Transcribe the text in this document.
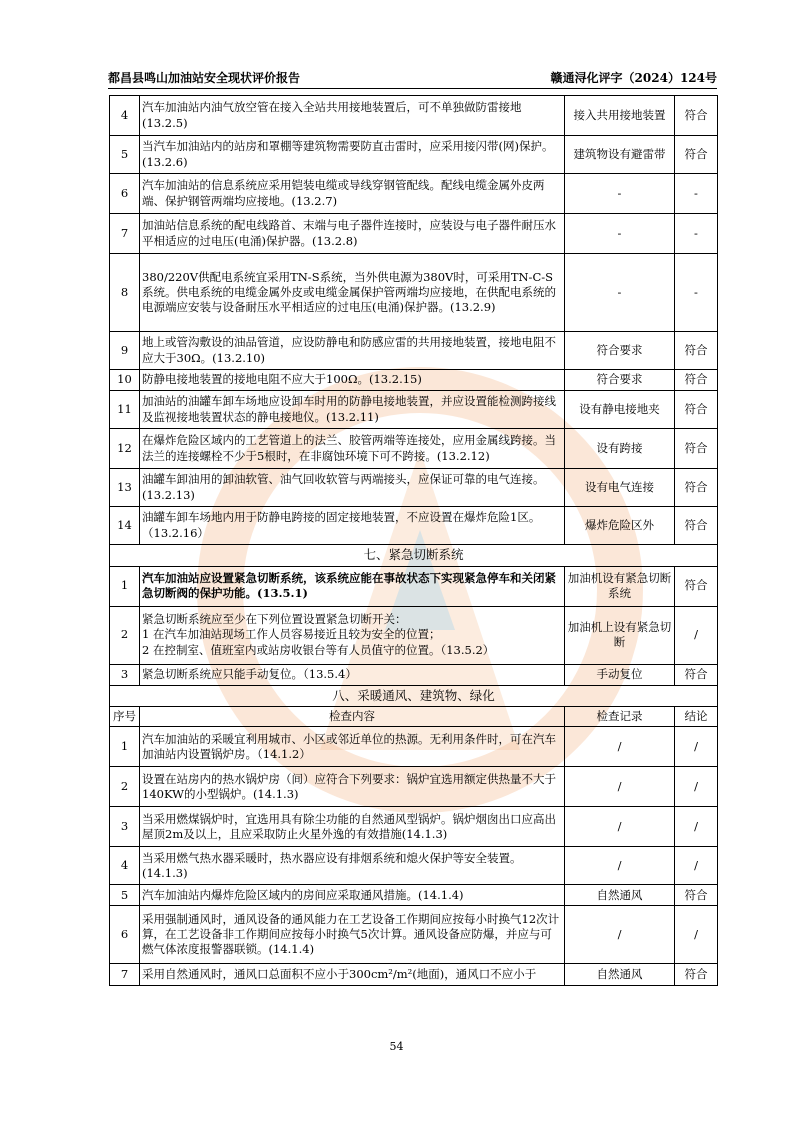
都昌县鸣山加油站安全现状评价报告	赣通浔化评字（2024）124号
4	汽车加油站内油气放空管在接入全站共用接地装置后，可不单独做防雷接地(13.2.5)	接入共用接地装置	符合
5	当汽车加油站内的站房和罩棚等建筑物需要防直击雷时，应采用接闪带(网)保护。(13.2.6)	建筑物设有避雷带	符合
6	汽车加油站的信息系统应采用铠装电缆或导线穿钢管配线。配线电缆金属外皮两端、保护钢管两端均应接地。(13.2.7)	-	-
7	加油站信息系统的配电线路首、末端与电子器件连接时，应装设与电子器件耐压水平相适应的过电压(电涌)保护器。(13.2.8)	-	-
8	380/220V供配电系统宜采用TN-S系统，当外供电源为380V时，可采用TN-C-S系统。供电系统的电缆金属外皮或电缆金属保护管两端均应接地，在供配电系统的电源端应安装与设备耐压水平相适应的过电压(电涌)保护器。(13.2.9)	-	-
9	地上或管沟敷设的油品管道，应设防静电和防感应雷的共用接地装置，接地电阻不应大于30Ω。(13.2.10)	符合要求	符合
10	防静电接地装置的接地电阻不应大于100Ω。(13.2.15)	符合要求	符合
11	加油站的油罐车卸车场地应设卸车时用的防静电接地装置，并应设置能检测跨接线及监视接地装置状态的静电接地仪。(13.2.11)	设有静电接地夹	符合
12	在爆炸危险区域内的工艺管道上的法兰、胶管两端等连接处，应用金属线跨接。当法兰的连接螺栓不少于5根时，在非腐蚀环境下可不跨接。(13.2.12)	设有跨接	符合
13	油罐车卸油用的卸油软管、油气回收软管与两端接头，应保证可靠的电气连接。(13.2.13)	设有电气连接	符合
14	油罐车卸车场地内用于防静电跨接的固定接地装置，不应设置在爆炸危险1区。（13.2.16）	爆炸危险区外	符合
七、紧急切断系统			
1	汽车加油站应设置紧急切断系统，该系统应能在事故状态下实现紧急停车和关闭紧急切断阀的保护功能。(13.5.1)	加油机设有紧急切断系统	符合
2	紧急切断系统应至少在下列位置设置紧急切断开关：
1 在汽车加油站现场工作人员容易接近且较为安全的位置；
2 在控制室、值班室内或站房收银台等有人员值守的位置。（13.5.2）	加油机上设有紧急切断	/
3	紧急切断系统应只能手动复位。（13.5.4）	手动复位	符合
八、采暖通风、建筑物、绿化			
序号	检查内容	检查记录	结论
1	汽车加油站的采暖宜利用城市、小区或邻近单位的热源。无利用条件时，可在汽车加油站内设置锅炉房。（14.1.2）	/	/
2	设置在站房内的热水锅炉房（间）应符合下列要求：锅炉宜选用额定供热量不大于140KW的小型锅炉。(14.1.3)	/	/
3	当采用燃煤锅炉时，宜选用具有除尘功能的自然通风型锅炉。锅炉烟囱出口应高出屋顶2m及以上，且应采取防止火星外逸的有效措施(14.1.3)	/	/
4	当采用燃气热水器采暖时，热水器应设有排烟系统和熄火保护等安全装置。(14.1.3)	/	/
5	汽车加油站内爆炸危险区域内的房间应采取通风措施。(14.1.4)	自然通风	符合
6	采用强制通风时，通风设备的通风能力在工艺设备工作期间应按每小时换气12次计算，在工艺设备非工作期间应按每小时换气5次计算。通风设备应防爆，并应与可燃气体浓度报警器联锁。(14.1.4)	/	/
7	采用自然通风时，通风口总面积不应小于300cm²/m²(地面)，通风口不应小于	自然通风	符合
54
